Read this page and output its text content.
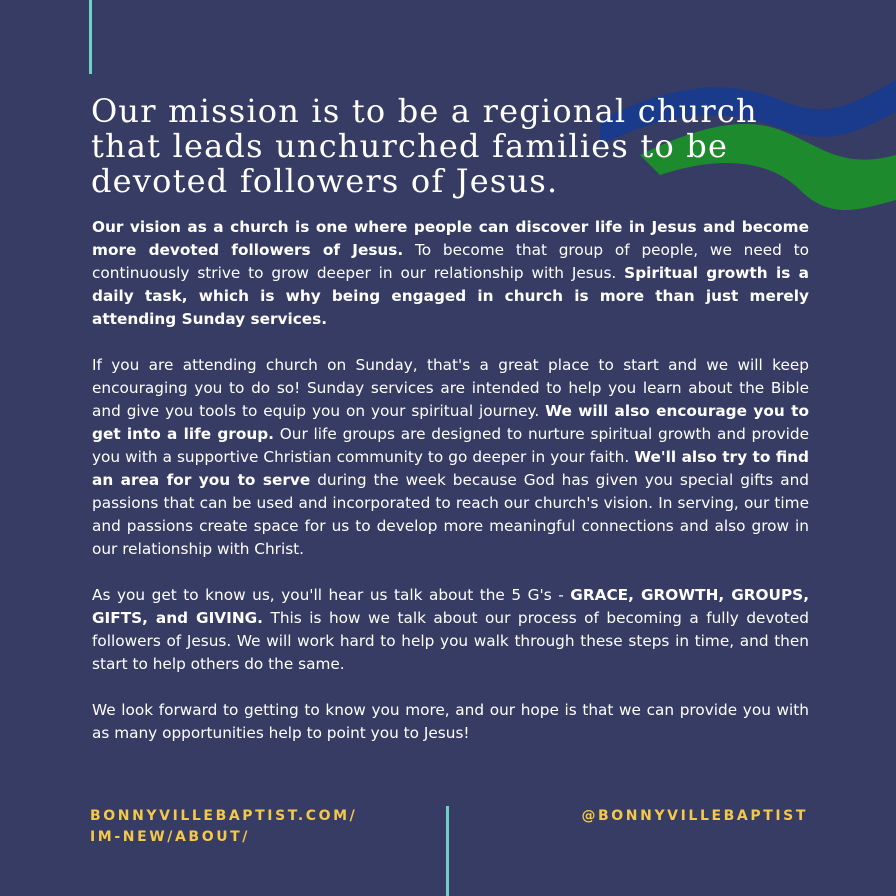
Our mission is to be a regional church that leads unchurched families to be devoted followers of Jesus.

Our vision as a church is one where people can discover life in Jesus and become more devoted followers of Jesus. To become that group of people, we need to continuously strive to grow deeper in our relationship with Jesus. Spiritual growth is a daily task, which is why being engaged in church is more than just merely attending Sunday services.

If you are attending church on Sunday, that's a great place to start and we will keep encouraging you to do so! Sunday services are intended to help you learn about the Bible and give you tools to equip you on your spiritual journey. We will also encourage you to get into a life group. Our life groups are designed to nurture spiritual growth and provide you with a supportive Christian community to go deeper in your faith. We'll also try to find an area for you to serve during the week because God has given you special gifts and passions that can be used and incorporated to reach our church's vision. In serving, our time and passions create space for us to develop more meaningful connections and also grow in our relationship with Christ.

As you get to know us, you'll hear us talk about the 5 G's - GRACE, GROWTH, GROUPS, GIFTS, and GIVING. This is how we talk about our process of becoming a fully devoted followers of Jesus. We will work hard to help you walk through these steps in time, and then start to help others do the same.

We look forward to getting to know you more, and our hope is that we can provide you with as many opportunities help to point you to Jesus!

BONNYVILLEBAPTIST.COM/
IM-NEW/ABOUT/
@BONNYVILLEBAPTIST
